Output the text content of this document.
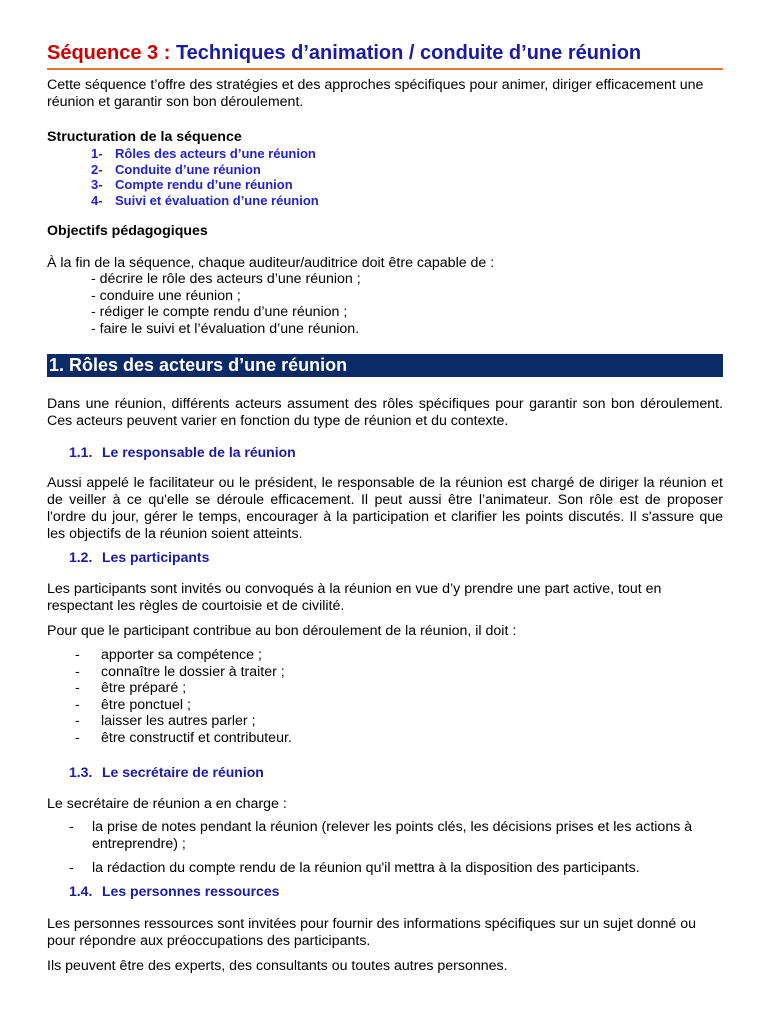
Séquence 3 : Techniques d’animation / conduite d’une réunion
Cette séquence t’offre des stratégies et des approches spécifiques pour animer, diriger efficacement une réunion et garantir son bon déroulement.
Structuration de la séquence
1- Rôles des acteurs d’une réunion
2- Conduite d’une réunion
3- Compte rendu d’une réunion
4- Suivi et évaluation d’une réunion
Objectifs pédagogiques
À la fin de la séquence, chaque auditeur/auditrice doit être capable de :
- décrire le rôle des acteurs d’une réunion ;
- conduire une réunion ;
- rédiger le compte rendu d’une réunion ;
- faire le suivi et l’évaluation d’une réunion.
1. Rôles des acteurs d’une réunion
Dans une réunion, différents acteurs assument des rôles spécifiques pour garantir son bon déroulement. Ces acteurs peuvent varier en fonction du type de réunion et du contexte.
1.1. Le responsable de la réunion
Aussi appelé le facilitateur ou le président, le responsable de la réunion est chargé de diriger la réunion et de veiller à ce qu'elle se déroule efficacement. Il peut aussi être l’animateur. Son rôle est de proposer l'ordre du jour, gérer le temps, encourager à la participation et clarifier les points discutés. Il s'assure que les objectifs de la réunion soient atteints.
1.2. Les participants
Les participants sont invités ou convoqués à la réunion en vue d’y prendre une part active, tout en respectant les règles de courtoisie et de civilité.
Pour que le participant contribue au bon déroulement de la réunion, il doit :
- apporter sa compétence ;
- connaître le dossier à traiter ;
- être préparé ;
- être ponctuel ;
- laisser les autres parler ;
- être constructif et contributeur.
1.3. Le secrétaire de réunion
Le secrétaire de réunion a en charge :
- la prise de notes pendant la réunion (relever les points clés, les décisions prises et les actions à entreprendre) ;
- la rédaction du compte rendu de la réunion qu'il mettra à la disposition des participants.
1.4. Les personnes ressources
Les personnes ressources sont invitées pour fournir des informations spécifiques sur un sujet donné ou pour répondre aux préoccupations des participants.
Ils peuvent être des experts, des consultants ou toutes autres personnes.
